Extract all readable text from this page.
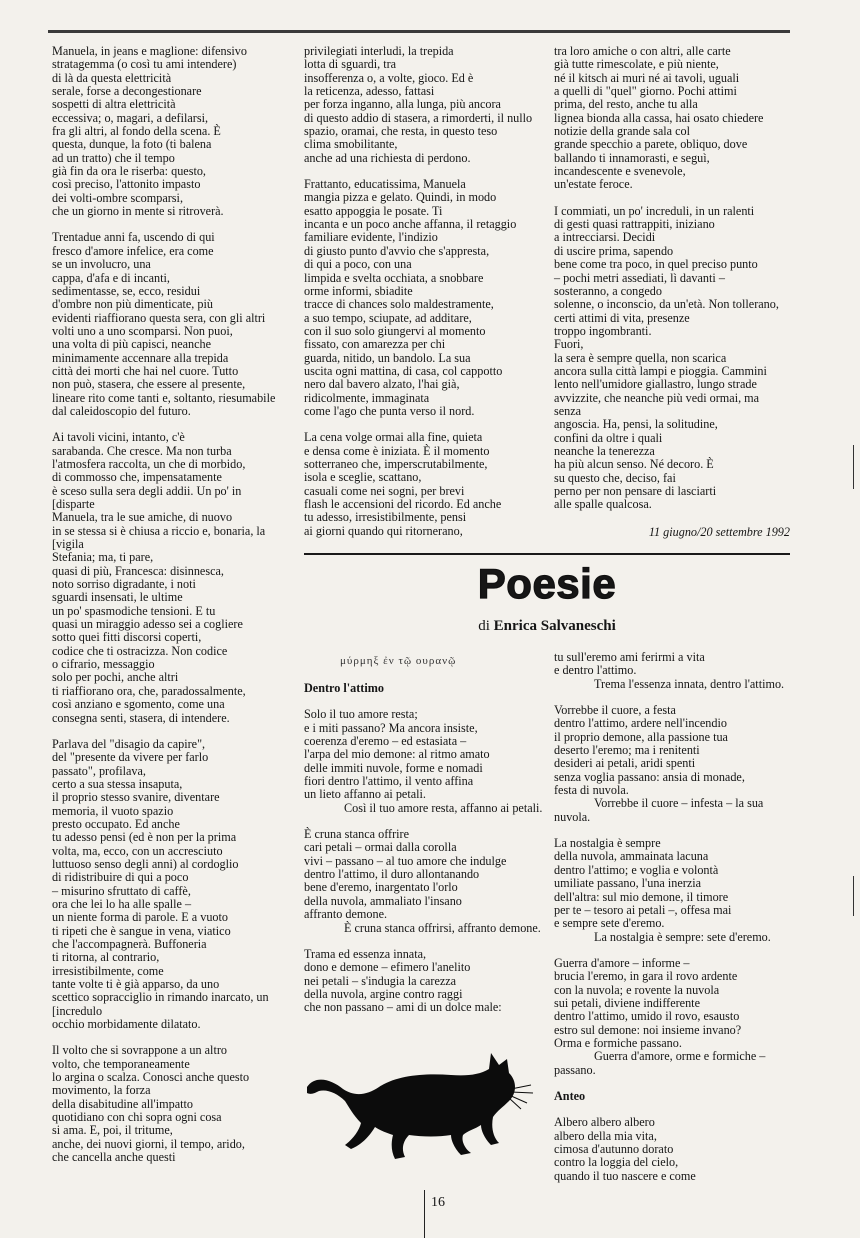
Manuela, in jeans e maglione: difensivo
stratagemma (o così tu ami intendere)
di là da questa elettricità
serale, forse a decongestionare
sospetti di altra elettricità
eccessiva; o, magari, a defilarsi,
fra gli altri, al fondo della scena. È
questa, dunque, la foto (ti balena
ad un tratto) che il tempo
già fin da ora le riserba: questo,
così preciso, l'attonito impasto
dei volti-ombre scomparsi,
che un giorno in mente si ritroverà.

Trentadue anni fa, uscendo di qui
fresco d'amore infelice, era come
se un involucro, una
cappa, d'afa e di incanti,
sedimentasse, se, ecco, residui
d'ombre non più dimenticate, più
evidenti riaffiorano questa sera, con gli altri
volti uno a uno scomparsi. Non puoi,
una volta di più capisci, neanche
minimamente accennare alla trepida
città dei morti che hai nel cuore. Tutto
non può, stasera, che essere al presente,
lineare rito come tanti e, soltanto, riesumabile
dal caleidoscopio del futuro.

Ai tavoli vicini, intanto, c'è
sarabanda. Che cresce. Ma non turba
l'atmosfera raccolta, un che di morbido,
di commosso che, impensatamente
è sceso sulla sera degli addii. Un po' in
[disparte
Manuela, tra le sue amiche, di nuovo
in se stessa si è chiusa a riccio e, bonaria, la
[vigila
Stefania; ma, ti pare,
quasi di più, Francesca: disinnesca,
noto sorriso digradante, i noti
sguardi insensati, le ultime
un po' spasmodiche tensioni. E tu
quasi un miraggio adesso sei a cogliere
sotto quei fitti discorsi coperti,
codice che ti ostracizza. Non codice
o cifrario, messaggio
solo per pochi, anche altri
ti riaffiorano ora, che, paradossalmente,
così anziano e sgomento, come una
consegna senti, stasera, di intendere.

Parlava del "disagio da capire",
del "presente da vivere per farlo
passato", profilava,
certo a sua stessa insaputa,
il proprio stesso svanire, diventare
memoria, il vuoto spazio
presto occupato. Ed anche
tu adesso pensi (ed è non per la prima
volta, ma, ecco, con un accresciuto
luttuoso senso degli anni) al cordoglio
di ridistribuire di qui a poco
– misurino sfruttato di caffè,
ora che lei lo ha alle spalle –
un niente forma di parole. E a vuoto
ti ripeti che è sangue in vena, viatico
che l'accompagnerà. Buffoneria
ti ritorna, al contrario,
irresistibilmente, come
tante volte ti è già apparso, da uno
scettico sopracciglio in rimando inarcato, un
[incredulo
occhio morbidamente dilatato.

Il volto che si sovrappone a un altro
volto, che temporaneamente
lo argina o scalza. Conosci anche questo
movimento, la forza
della disabitudine all'impatto
quotidiano con chi sopra ogni cosa
si ama. E, poi, il tritume,
anche, dei nuovi giorni, il tempo, arido,
che cancella anche questi

privilegiati interludi, la trepida
lotta di sguardi, tra
insofferenza o, a volte, gioco. Ed è
la reticenza, adesso, fattasi
per forza inganno, alla lunga, più ancora
di questo addio di stasera, a rimorderti, il nullo
spazio, oramai, che resta, in questo teso
clima smobilitante,
anche ad una richiesta di perdono.

Frattanto, educatissima, Manuela
mangia pizza e gelato. Quindi, in modo
esatto appoggia le posate. Ti
incanta e un poco anche affanna, il retaggio
familiare evidente, l'indizio
di giusto punto d'avvio che s'appresta,
di qui a poco, con una
limpida e svelta occhiata, a snobbare
orme informi, sbiadite
tracce di chances solo maldestramente,
a suo tempo, sciupate, ad additare,
con il suo solo giungervi al momento
fissato, con amarezza per chi
guarda, nitido, un bandolo. La sua
uscita ogni mattina, di casa, col cappotto
nero dal bavero alzato, l'hai già,
ridicolmente, immaginata
come l'ago che punta verso il nord.

La cena volge ormai alla fine, quieta
e densa come è iniziata. È il momento
sotterraneo che, imperscrutabilmente,
isola e sceglie, scattano,
casuali come nei sogni, per brevi
flash le accensioni del ricordo. Ed anche
tu adesso, irresistibilmente, pensi
ai giorni quando qui ritornerano,

tra loro amiche o con altri, alle carte
già tutte rimescolate, e più niente,
né il kitsch ai muri né ai tavoli, uguali
a quelli di "quel" giorno. Pochi attimi
prima, del resto, anche tu alla
lignea bionda alla cassa, hai osato chiedere
notizie della grande sala col
grande specchio a parete, obliquo, dove
ballando ti innamorasti, e seguì,
incandescente e svenevole,
un'estate feroce.

I commiati, un po' increduli, in un ralenti
di gesti quasi rattrappiti, iniziano
a intrecciarsi. Decidi
di uscire prima, sapendo
bene come tra poco, in quel preciso punto
– pochi metri assediati, lì davanti –
sosteranno, a congedo
solenne, o inconscio, da un'età. Non tollerano,
certi attimi di vita, presenze
troppo ingombranti.
Fuori,
la sera è sempre quella, non scarica
ancora sulla città lampi e pioggia. Cammini
lento nell'umidore giallastro, lungo strade
avvizzite, che neanche più vedi ormai, ma
senza
angoscia. Ha, pensi, la solitudine,
confini da oltre i quali
neanche la tenerezza
ha più alcun senso. Né decoro. È
su questo che, deciso, fai
perno per non pensare di lasciarti
alle spalle qualcosa.

11 giugno/20 settembre 1992
Poesie
di Enrica Salvaneschi
μύρμηξ ἐν τῷ ουρανῷ

Dentro l'attimo

Solo il tuo amore resta;
e i miti passano? Ma ancora insiste,
coerenza d'eremo – ed estasiata –
l'arpa del mio demone: al ritmo amato
delle immiti nuvole, forme e nomadi
fiori dentro l'attimo, il vento affina
un lieto affanno ai petali.
Così il tuo amore resta, affanno ai petali.

È cruna stanca offrire
cari petali – ormai dalla corolla
vivi – passano – al tuo amore che indulge
dentro l'attimo, il duro allontanando
bene d'eremo, inargentato l'orlo
della nuvola, ammaliato l'insano
affranto demone.
È cruna stanca offrirsi, affranto demone.

Trama ed essenza innata,
dono e demone – efimero l'anelito
nei petali – s'indugia la carezza
della nuvola, argine contro raggi
che non passano – ami di un dolce male:

tu sull'eremo ami ferirmi a vita
e dentro l'attimo.
Trema l'essenza innata, dentro l'attimo.

Vorrebbe il cuore, a festa
dentro l'attimo, ardere nell'incendio
il proprio demone, alla passione tua
deserto l'eremo; ma i renitenti
desideri ai petali, aridi spenti
senza voglia passano: ansia di monade,
festa di nuvola.
Vorrebbe il cuore – infesta – la sua nuvola.

La nostalgia è sempre
della nuvola, ammainata lacuna
dentro l'attimo; e voglia e volontà
umiliate passano, l'una inerzia
dell'altra: sul mio demone, il timore
per te – tesoro ai petali –, offesa mai
e sempre sete d'eremo.
La nostalgia è sempre: sete d'eremo.

Guerra d'amore – informe –
brucia l'eremo, in gara il rovo ardente
con la nuvola; e rovente la nuvola
sui petali, diviene indifferente
dentro l'attimo, umido il rovo, esausto
estro sul demone: noi insieme invano?
Orma e formiche passano.
Guerra d'amore, orme e formiche – passano.

Anteo

Albero albero albero
albero della mia vita,
cimosa d'autunno dorato
contro la loggia del cielo,
quando il tuo nascere e come

16
